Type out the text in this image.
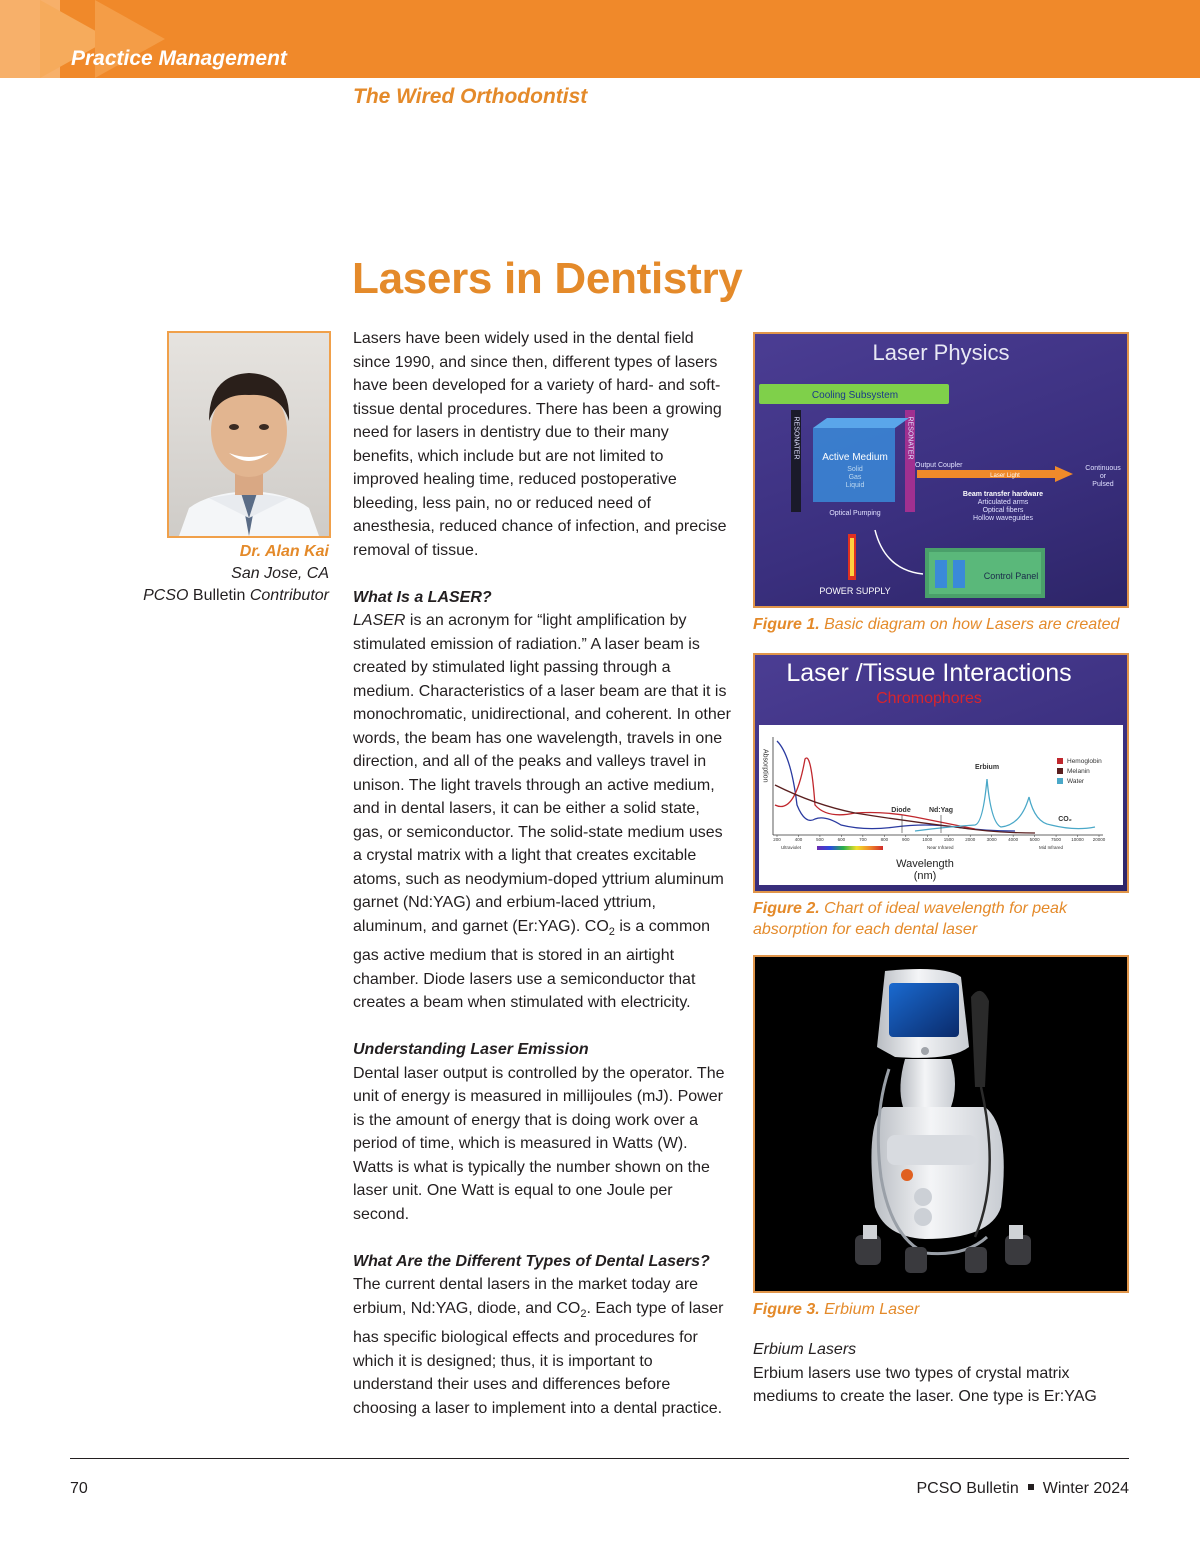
Practice Management
The Wired Orthodontist
Lasers in Dentistry
Dr. Alan Kai
San Jose, CA
PCSO Bulletin Contributor

Lasers have been widely used in the dental field since 1990, and since then, different types of lasers have been developed for a variety of hard- and soft-tissue dental procedures. There has been a growing need for lasers in dentistry due to their many benefits, which include but are not limited to improved healing time, reduced postoperative bleeding, less pain, no or reduced need of anesthesia, reduced chance of infection, and precise removal of tissue.

What Is a LASER?

LASER is an acronym for “light amplification by stimulated emission of radiation.” A laser beam is created by stimulated light passing through a medium. Characteristics of a laser beam are that it is monochromatic, unidirectional, and coherent. In other words, the beam has one wavelength, travels in one direction, and all of the peaks and valleys travel in unison. The light travels through an active medium, and in dental lasers, it can be either a solid state, gas, or semiconductor. The solid-state medium uses a crystal matrix with a light that creates excitable atoms, such as neodymium-doped yttrium aluminum garnet (Nd:YAG) and erbium-laced yttrium, aluminum, and garnet (Er:YAG). $CO_2$ is a common gas active medium that is stored in an airtight chamber. Diode lasers use a semiconductor that creates a beam when stimulated with electricity.

Understanding Laser Emission

Dental laser output is controlled by the operator. The unit of energy is measured in millijoules (mJ). Power is the amount of energy that is doing work over a period of time, which is measured in Watts (W). Watts is what is typically the number shown on the laser unit. One Watt is equal to one Joule per second.

What Are the Different Types of Dental Lasers?

The current dental lasers in the market today are erbium, Nd:YAG, diode, and $CO_2$. Each type of laser has specific biological effects and procedures for which it is designed; thus, it is important to understand their uses and differences before choosing a laser to implement into a dental practice.

Laser Physics
Cooling Subsystem
RESONATER	RESONATER
Active Medium
Solid
Gas
Liquid
Output Coupler
Laser Light
Continuous
or
Pulsed
Beam transfer hardware
Articulated arms
Optical fibers
Hollow waveguides
Optical Pumping
POWER SUPPLY
Control Panel
Figure 1. Basic diagram on how Lasers are created
Laser /Tissue Interactions
Chromophores
Absorption
200	400	500	600	700	800	900	1000	1500	2000	3000	4000	5000	7500 10000 20000
Ultraviolet	Near Infrared	Mid Infrared
Erbium
Diode	Nd:Yag
CO₂
Hemoglobin
Melanin
Water
Wavelength
(nm)
Figure 2. Chart of ideal wavelength for peak absorption for each dental laser
Figure 3. Erbium Laser
Erbium Lasers

Erbium lasers use two types of crystal matrix mediums to create the laser. One type is Er:YAG

70	PCSO Bulletin Winter 2024
